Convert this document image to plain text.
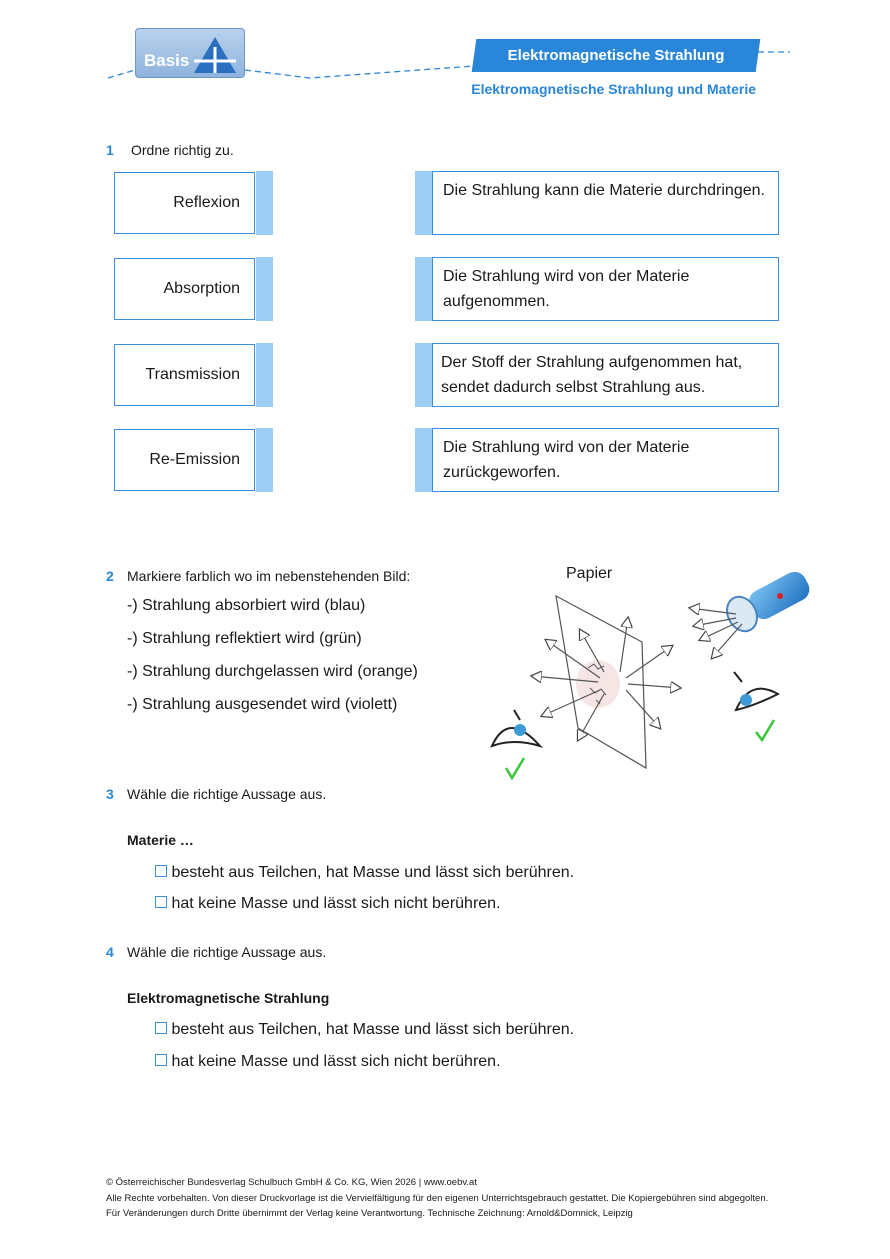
Basis	Elektromagnetische Strahlung
Elektromagnetische Strahlung und Materie
1 Ordne richtig zu.
Reflexion
Die Strahlung kann die Materie durchdringen.
Absorption
Die Strahlung wird von der Materie aufgenommen.
Transmission
Der Stoff der Strahlung aufgenommen hat, sendet dadurch selbst Strahlung aus.
Re-Emission
Die Strahlung wird von der Materie zurückgeworfen.
2 Markiere farblich wo im nebenstehenden Bild:
-) Strahlung absorbiert wird (blau)
-) Strahlung reflektiert wird (grün)
-) Strahlung durchgelassen wird (orange)
-) Strahlung ausgesendet wird (violett)
Papier
3 Wähle die richtige Aussage aus.
Materie …
besteht aus Teilchen, hat Masse und lässt sich berühren.
hat keine Masse und lässt sich nicht berühren.
4 Wähle die richtige Aussage aus.
Elektromagnetische Strahlung
besteht aus Teilchen, hat Masse und lässt sich berühren.
hat keine Masse und lässt sich nicht berühren.
© Österreichischer Bundesverlag Schulbuch GmbH & Co. KG, Wien 2026 | www.oebv.at
Alle Rechte vorbehalten. Von dieser Druckvorlage ist die Vervielfältigung für den eigenen Unterrichtsgebrauch gestattet. Die Kopiergebühren sind abgegolten.
Für Veränderungen durch Dritte übernimmt der Verlag keine Verantwortung. Technische Zeichnung: Arnold&Domnick, Leipzig
